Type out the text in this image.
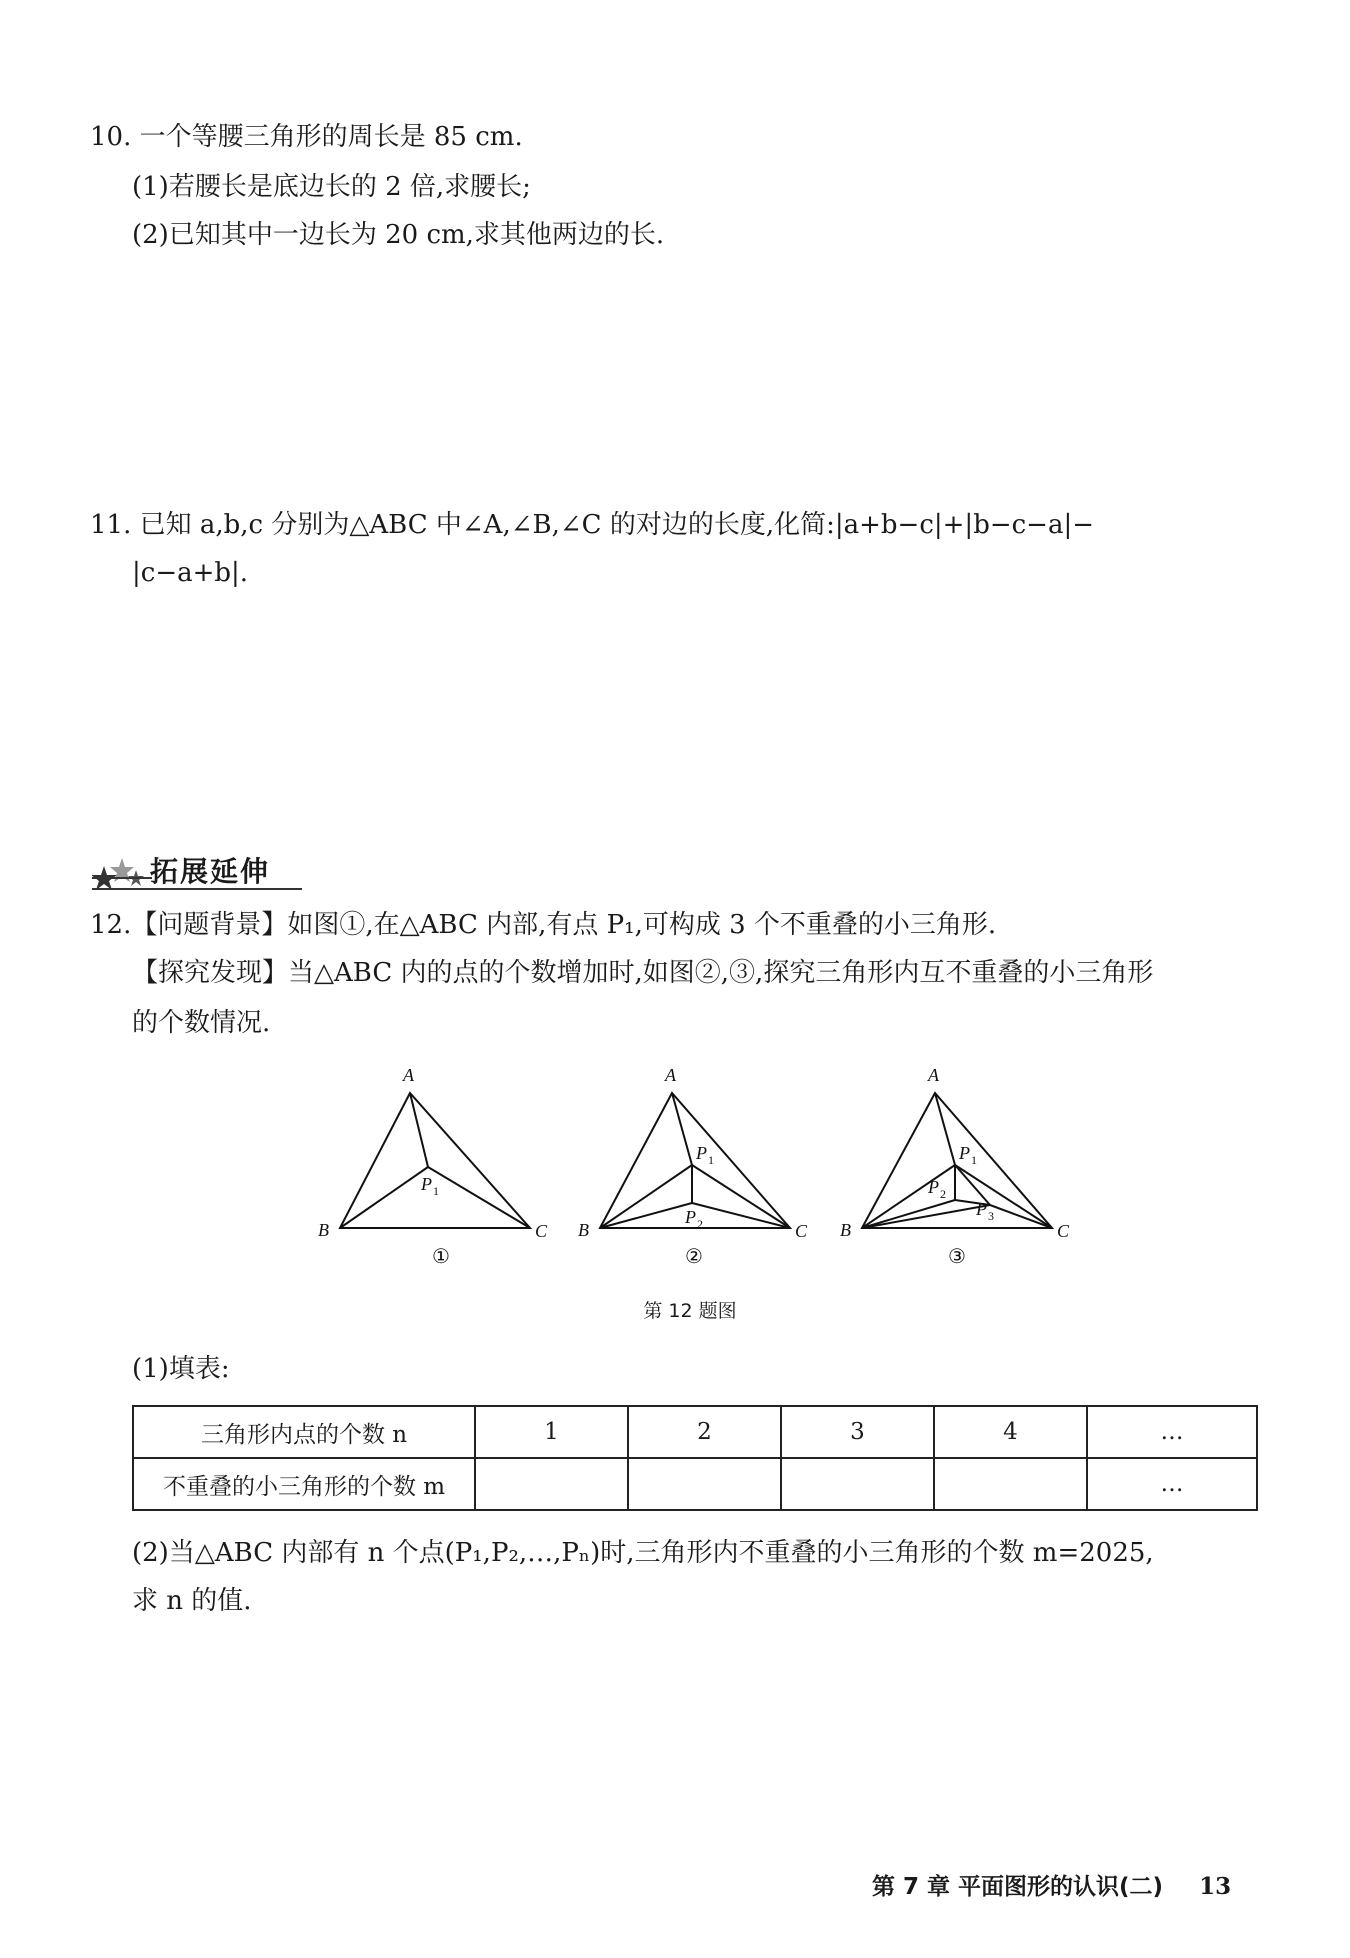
10. 一个等腰三角形的周长是 85 cm.
(1)若腰长是底边长的 2 倍,求腰长;
(2)已知其中一边长为 20 cm,求其他两边的长.
11. 已知 a,b,c 分别为△ABC 中∠A,∠B,∠C 的对边的长度,化简:|a+b−c|+|b−c−a|−
|c−a+b|.
拓展延伸
12.【问题背景】如图①,在△ABC 内部,有点 P₁,可构成 3 个不重叠的小三角形.
【探究发现】当△ABC 内的点的个数增加时,如图②,③,探究三角形内互不重叠的小三角形
的个数情况.
A
B	C
P 1
①
A
B	C
P 1
P 2
②
A
B	C
P 1
P 2
P 3
③
第 12 题图
(1)填表:
三角形内点的个数 n	1	2	3	4	…
不重叠的小三角形的个数 m					…
(2)当△ABC 内部有 n 个点(P₁,P₂,…,Pₙ)时,三角形内不重叠的小三角形的个数 m=2025,
求 n 的值.
第 7 章 平面图形的认识(二) 13
